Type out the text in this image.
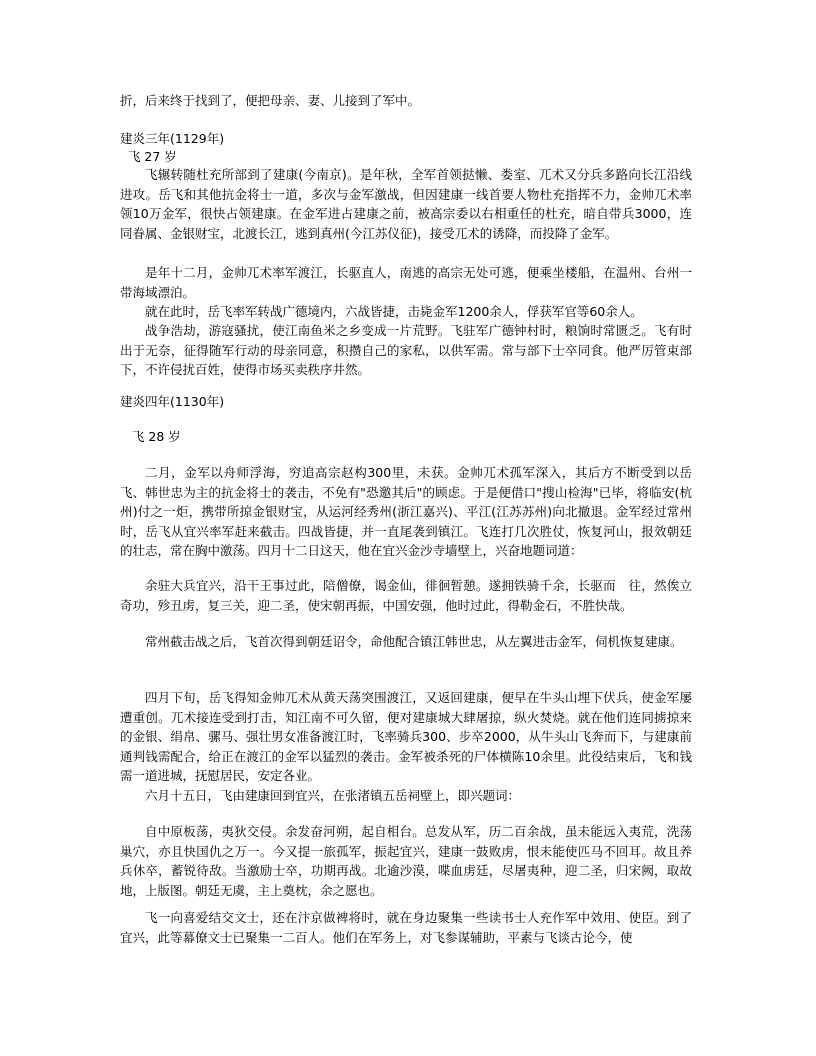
折，后来终于找到了，便把母亲、妻、儿接到了军中。
建炎三年(1129年)
飞 27 岁
飞辗转随杜充所部到了建康(今南京)。是年秋，全军首领挞懒、娄室、兀术又分兵多路向长江沿线进攻。岳飞和其他抗金将士一道，多次与金军激战，但因建康一线首要人物杜充指挥不力，金帅兀术率领10万金军，很快占领建康。在金军进占建康之前，被高宗委以右相重任的杜充，暗自带兵3000，连同眷属、金银财宝，北渡长江，逃到真州(今江苏仪征)，接受兀术的诱降，而投降了金军。
是年十二月，金帅兀术率军渡江，长驱直人，南逃的高宗无处可逃，便乘坐楼船，在温州、台州一带海域漂泊。
就在此时，岳飞率军转战广德境内，六战皆捷，击毙金军1200余人，俘获军官等60余人。
战争浩劫，游寇骚扰，使江南鱼米之乡变成一片荒野。飞驻军广德钟村时，粮饷时常匮乏。飞有时出于无奈，征得随军行动的母亲同意，积攒自己的家私，以供军需。常与部下士卒同食。他严厉管束部下，不许侵扰百姓，使得市场买卖秩序井然。
建炎四年(1130年)
飞 28 岁
二月，金军以舟师浮海，穷追高宗赵构300里，未获。金帅兀术孤军深入，其后方不断受到以岳飞、韩世忠为主的抗金将士的袭击，不免有"恐邀其后"的顾虑。于是便借口"搜山检海"已毕，将临安(杭州)付之一炬，携带所掠金银财宝，从运河经秀州(浙江嘉兴)、平江(江苏苏州)向北撤退。金军经过常州时，岳飞从宜兴率军赶来截击。四战皆捷，并一直尾袭到镇江。飞连打几次胜仗，恢复河山，报效朝廷的壮志，常在胸中激荡。四月十二日这天，他在宜兴金沙寺墙壁上，兴奋地题词道：
余驻大兵宜兴，沿干王事过此，陪僧僚，谒金仙，徘徊暂憩。遂拥铁骑千余，长驱而　往，然俟立奇功，殄丑虏，复三关，迎二圣，使宋朝再振，中国安强，他时过此，得勒金石，不胜快哉。
常州截击战之后，飞首次得到朝廷诏令，命他配合镇江韩世忠，从左翼进击金军，伺机恢复建康。
四月下旬，岳飞得知金帅兀术从黄天荡突围渡江，又返回建康，便早在牛头山埋下伏兵，使金军屡遭重创。兀术接连受到打击，知江南不可久留，便对建康城大肆屠掠，纵火焚烧。就在他们连同掳掠来的金银、绢帛、骡马、强壮男女准备渡江时，飞率骑兵300、步卒2000，从牛头山飞奔而下，与建康前通判钱需配合，给正在渡江的金军以猛烈的袭击。金军被杀死的尸体横陈10余里。此役结束后，飞和钱需一道进城，抚慰居民，安定各业。
六月十五日，飞由建康回到宜兴，在张渚镇五岳祠壁上，即兴题词：
自中原板荡，夷狄交侵。余发奋河朔，起自相台。总发从军，历二百余战，虽未能远入夷荒，洗荡巢穴，亦且快国仇之万一。今又提一旅孤军，振起宜兴，建康一鼓败虏，恨未能使匹马不回耳。故且养兵休卒，蓄锐待敌。当激励士卒，功期再战。北逾沙漠，喋血虏廷，尽屠夷种，迎二圣，归宋阙，取故地，上版图。朝廷无虞，主上奠枕，余之愿也。
飞一向喜爱结交文士，还在汴京做裨将时，就在身边聚集一些读书士人充作军中效用、使臣。到了宜兴，此等幕僚文士已聚集一二百人。他们在军务上，对飞参谋辅助，平素与飞谈古论今，使
